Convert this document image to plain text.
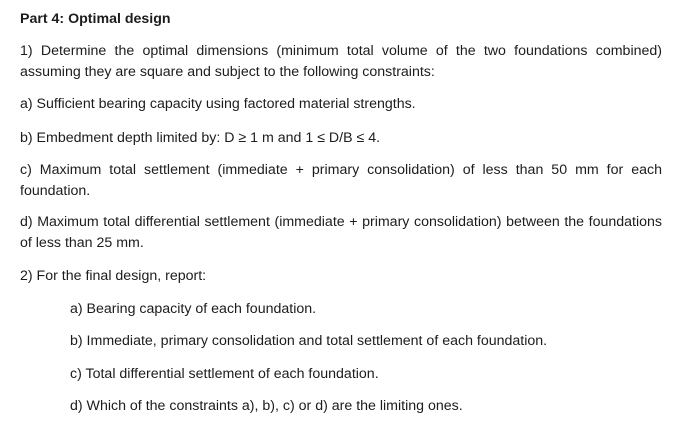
Part 4: Optimal design
1) Determine the optimal dimensions (minimum total volume of the two foundations combined) assuming they are square and subject to the following constraints:
a) Sufficient bearing capacity using factored material strengths.
b) Embedment depth limited by: D ≥ 1 m and 1 ≤ D/B ≤ 4.
c) Maximum total settlement (immediate + primary consolidation) of less than 50 mm for each foundation.
d) Maximum total differential settlement (immediate + primary consolidation) between the foundations of less than 25 mm.
2) For the final design, report:
a) Bearing capacity of each foundation.
b) Immediate, primary consolidation and total settlement of each foundation.
c) Total differential settlement of each foundation.
d) Which of the constraints a), b), c) or d) are the limiting ones.
